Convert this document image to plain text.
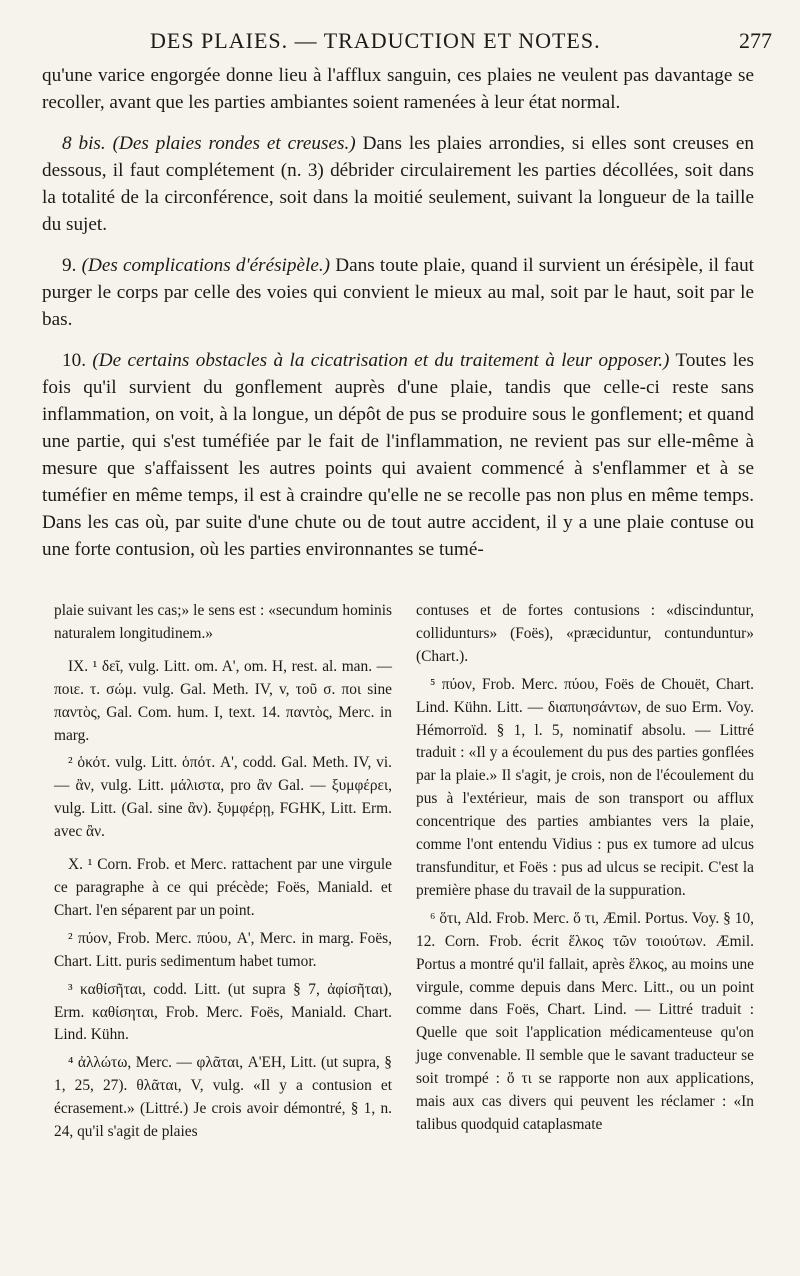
DES PLAIES. — TRADUCTION ET NOTES.	277

qu'une varice engorgée donne lieu à l'afflux sanguin, ces plaies ne veulent pas davantage se recoller, avant que les parties ambiantes soient ramenées à leur état normal.

8 bis. (Des plaies rondes et creuses.) Dans les plaies arrondies, si elles sont creuses en dessous, il faut complétement (n. 3) débrider circulairement les parties décollées, soit dans la totalité de la circonférence, soit dans la moitié seulement, suivant la longueur de la taille du sujet.

9. (Des complications d'érésipèle.) Dans toute plaie, quand il survient un érésipèle, il faut purger le corps par celle des voies qui convient le mieux au mal, soit par le haut, soit par le bas.

10. (De certains obstacles à la cicatrisation et du traitement à leur opposer.) Toutes les fois qu'il survient du gonflement auprès d'une plaie, tandis que celle-ci reste sans inflammation, on voit, à la longue, un dépôt de pus se produire sous le gonflement; et quand une partie, qui s'est tuméfiée par le fait de l'inflammation, ne revient pas sur elle-même à mesure que s'affaissent les autres points qui avaient commencé à s'enflammer et à se tuméfier en même temps, il est à craindre qu'elle ne se recolle pas non plus en même temps. Dans les cas où, par suite d'une chute ou de tout autre accident, il y a une plaie contuse ou une forte contusion, où les parties environnantes se tumé-

plaie suivant les cas;» le sens est : «secundum hominis naturalem longitudinem.»

IX. ¹ δεῖ, vulg. Litt. om. A', om. H, rest. al. man. — ποιε. τ. σώμ. vulg. Gal. Meth. IV, v, τοῦ σ. ποι sine παντὸς, Gal. Com. hum. I, text. 14. παντὸς, Merc. in marg.

² ὁκότ. vulg. Litt. ὁπότ. A', codd. Gal. Meth. IV, vi. — ἂν, vulg. Litt. μάλιστα, pro ἂν Gal. — ξυμφέρει, vulg. Litt. (Gal. sine ἂν). ξυμφέρῃ, FGHK, Litt. Erm. avec ἂν.

X. ¹ Corn. Frob. et Merc. rattachent par une virgule ce paragraphe à ce qui précède; Foës, Maniald. et Chart. l'en séparent par un point.

² πύον, Frob. Merc. πύου, A', Merc. in marg. Foës, Chart. Litt. puris sedimentum habet tumor.

³ καθίσῆται, codd. Litt. (ut supra § 7, ἀφίσῆται), Erm. καθίσηται, Frob. Merc. Foës, Maniald. Chart. Lind. Kühn.

⁴ ἀλλώτω, Merc. — φλᾶται, A'EH, Litt. (ut supra, § 1, 25, 27). θλᾶται, V, vulg. «Il y a contusion et écrasement.» (Littré.) Je crois avoir démontré, § 1, n. 24, qu'il s'agit de plaies

contuses et de fortes contusions : «discinduntur, collidunturs» (Foës), «præciduntur, contunduntur» (Chart.).

⁵ πύον, Frob. Merc. πύου, Foës de Chouët, Chart. Lind. Kühn. Litt. — διαπυησάντων, de suo Erm. Voy. Hémorroïd. § 1, l. 5, nominatif absolu. — Littré traduit : «Il y a écoulement du pus des parties gonflées par la plaie.» Il s'agit, je crois, non de l'écoulement du pus à l'extérieur, mais de son transport ou afflux concentrique des parties ambiantes vers la plaie, comme l'ont entendu Vidius : pus ex tumore ad ulcus transfunditur, et Foës : pus ad ulcus se recipit. C'est la première phase du travail de la suppuration.

⁶ ὅτι, Ald. Frob. Merc. ὅ τι, Æmil. Portus. Voy. § 10, 12. Corn. Frob. écrit ἕλκος τῶν τοιούτων. Æmil. Portus a montré qu'il fallait, après ἕλκος, au moins une virgule, comme depuis dans Merc. Litt., ou un point comme dans Foës, Chart. Lind. — Littré traduit : Quelle que soit l'application médicamenteuse qu'on juge convenable. Il semble que le savant traducteur se soit trompé : ὅ τι se rapporte non aux applications, mais aux cas divers qui peuvent les réclamer : «In talibus quodquid cataplasmate
